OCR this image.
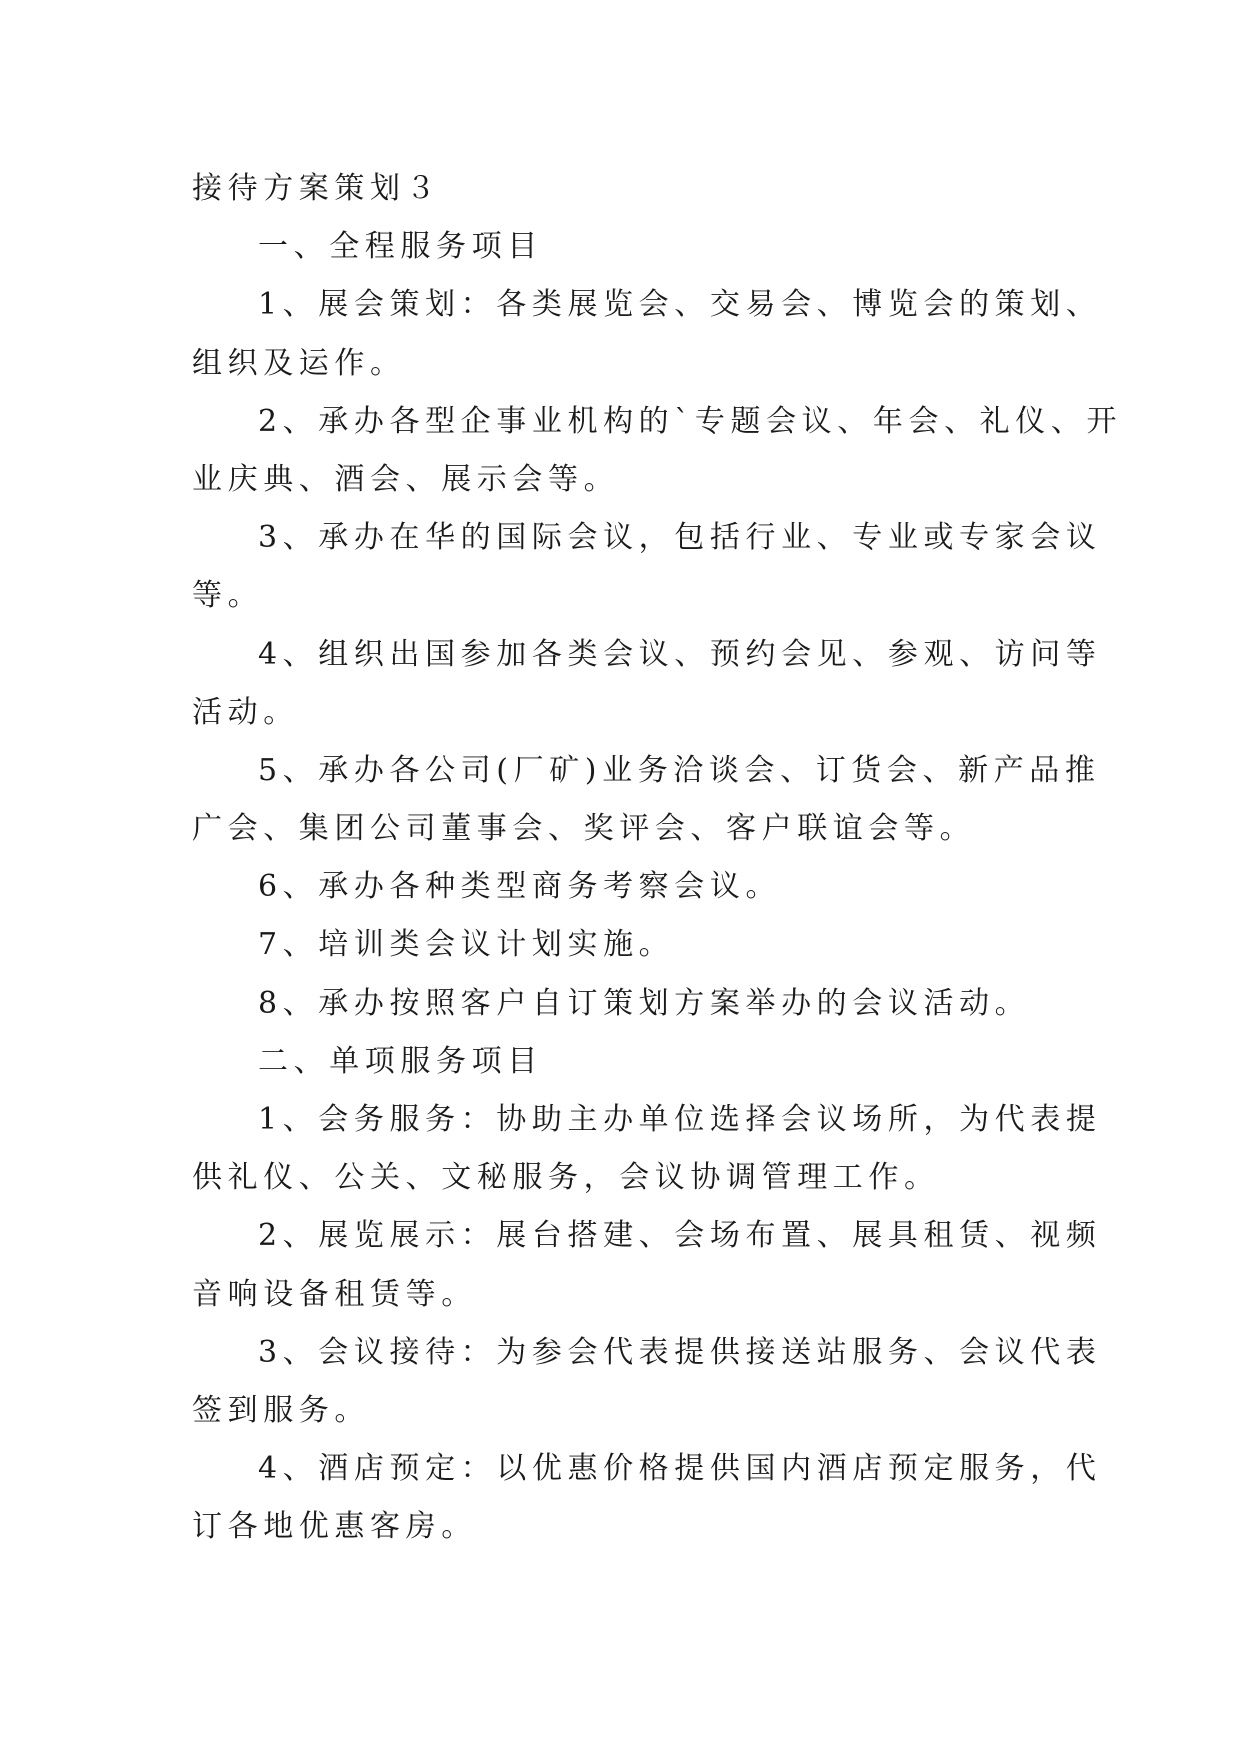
接待方案策划３
一、全程服务项目
1、展会策划：各类展览会、交易会、博览会的策划、
组织及运作。
2、承办各型企事业机构的`专题会议、年会、礼仪、开
业庆典、酒会、展示会等。
3、承办在华的国际会议，包括行业、专业或专家会议
等。
4、组织出国参加各类会议、预约会见、参观、访问等
活动。
5、承办各公司(厂矿)业务洽谈会、订货会、新产品推
广会、集团公司董事会、奖评会、客户联谊会等。
6、承办各种类型商务考察会议。
7、培训类会议计划实施。
8、承办按照客户自订策划方案举办的会议活动。
二、单项服务项目
1、会务服务：协助主办单位选择会议场所，为代表提
供礼仪、公关、文秘服务，会议协调管理工作。
2、展览展示：展台搭建、会场布置、展具租赁、视频
音响设备租赁等。
3、会议接待：为参会代表提供接送站服务、会议代表
签到服务。
4、酒店预定：以优惠价格提供国内酒店预定服务，代
订各地优惠客房。
